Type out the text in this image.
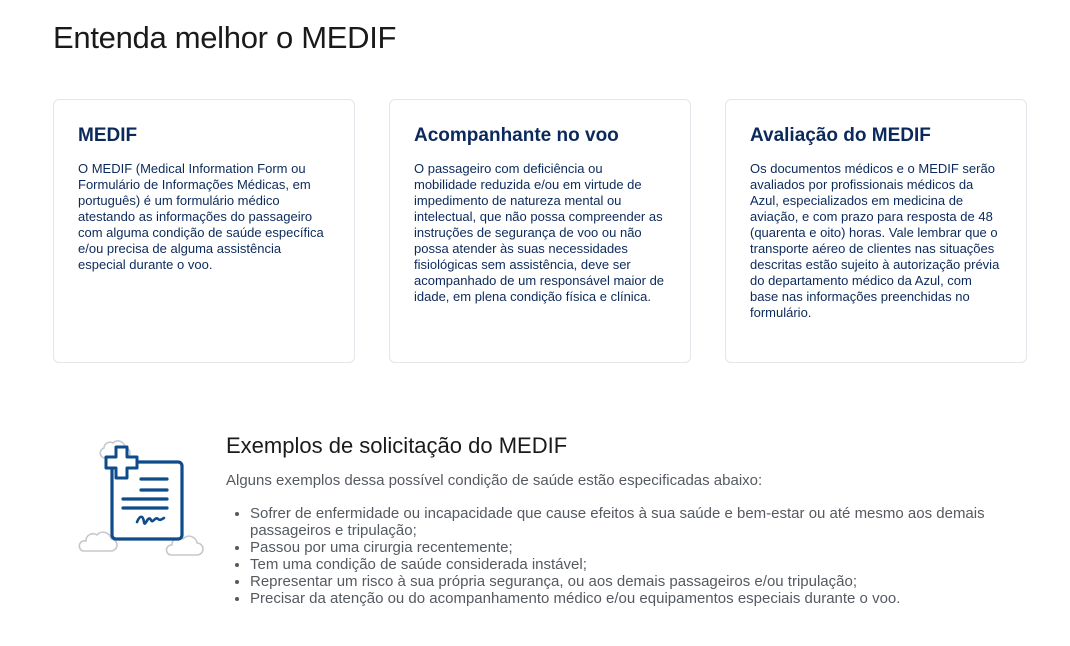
Entenda melhor o MEDIF
MEDIF

O MEDIF (Medical Information Form ou Formulário de Informações Médicas, em português) é um formulário médico atestando as informações do passageiro com alguma condição de saúde específica e/ou precisa de alguma assistência especial durante o voo.

Acompanhante no voo

O passageiro com deficiência ou mobilidade reduzida e/ou em virtude de impedimento de natureza mental ou intelectual, que não possa compreender as instruções de segurança de voo ou não possa atender às suas necessidades fisiológicas sem assistência, deve ser acompanhado de um responsável maior de idade, em plena condição física e clínica.

Avaliação do MEDIF

Os documentos médicos e o MEDIF serão avaliados por profissionais médicos da Azul, especializados em medicina de aviação, e com prazo para resposta de 48 (quarenta e oito) horas. Vale lembrar que o transporte aéreo de clientes nas situações descritas estão sujeito à autorização prévia do departamento médico da Azul, com base nas informações preenchidas no formulário.

Exemplos de solicitação do MEDIF

Alguns exemplos dessa possível condição de saúde estão especificadas abaixo:

• Sofrer de enfermidade ou incapacidade que cause efeitos à sua saúde e bem-estar ou até mesmo aos demais passageiros e tripulação;
• Passou por uma cirurgia recentemente;
• Tem uma condição de saúde considerada instável;
• Representar um risco à sua própria segurança, ou aos demais passageiros e/ou tripulação;
• Precisar da atenção ou do acompanhamento médico e/ou equipamentos especiais durante o voo.
